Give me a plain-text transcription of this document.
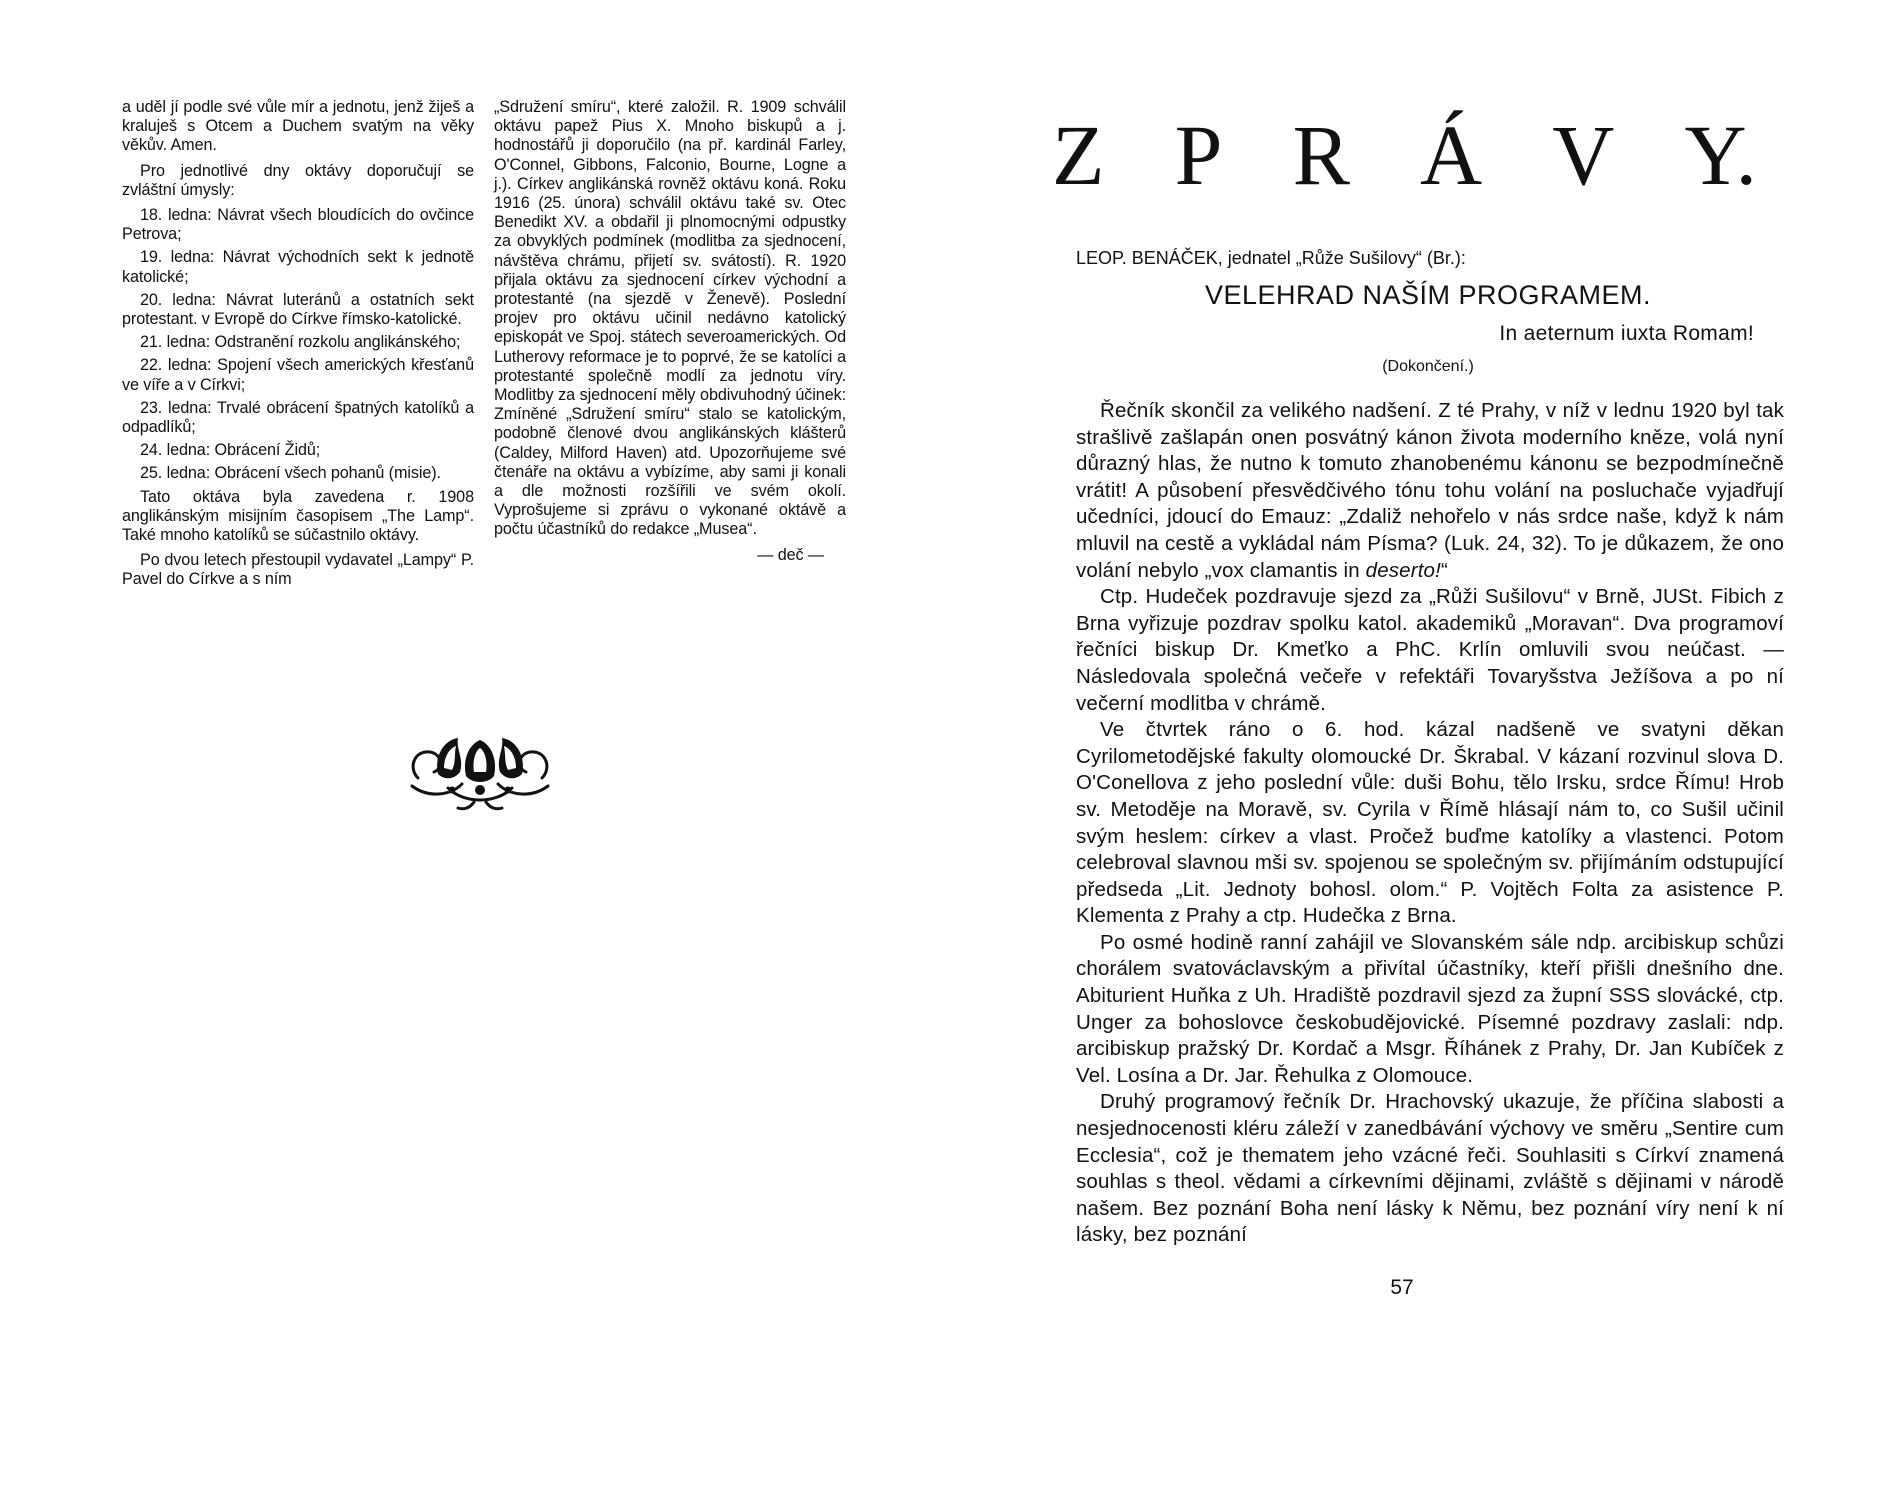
a uděl jí podle své vůle mír a jednotu, jenž žiješ a kraluješ s Otcem a Duchem svatým na věky věkův. Amen.

Pro jednotlivé dny oktávy doporučují se zvláštní úmysly:

18. ledna: Návrat všech bloudících do ovčince Petrova;

19. ledna: Návrat východních sekt k jednotě katolické;

20. ledna: Návrat luteránů a ostatních sekt protestant. v Evropě do Církve římsko-katolické.

21. ledna: Odstranění rozkolu anglikánského;

22. ledna: Spojení všech amerických křesťanů ve víře a v Církvi;

23. ledna: Trvalé obrácení špatných katolíků a odpadlíků;

24. ledna: Obrácení Židů;

25. ledna: Obrácení všech pohanů (misie).

Tato oktáva byla zavedena r. 1908 anglikánským misijním časopisem „The Lamp“. Také mnoho katolíků se súčastnilo oktávy.

Po dvou letech přestoupil vydavatel „Lampy“ P. Pavel do Církve a s ním

„Sdružení smíru“, které založil. R. 1909 schválil oktávu papež Pius X. Mnoho biskupů a j. hodnostářů ji doporučilo (na př. kardinál Farley, O'Connel, Gibbons, Falconio, Bourne, Logne a j.). Církev anglikánská rovněž oktávu koná. Roku 1916 (25. února) schválil oktávu také sv. Otec Benedikt XV. a obdařil ji plnomocnými odpustky za obvyklých podmínek (modlitba za sjednocení, návštěva chrámu, přijetí sv. svátostí). R. 1920 přijala oktávu za sjednocení církev východní a protestanté (na sjezdě v Ženevě). Poslední projev pro oktávu učinil nedávno katolický episkopát ve Spoj. státech severoamerických. Od Lutherovy reformace je to poprvé, že se katolíci a protestanté společně modlí za jednotu víry. Modlitby za sjednocení měly obdivuhodný účinek: Zmíněné „Sdružení smíru“ stalo se katolickým, podobně členové dvou anglikánských klášterů (Caldey, Milford Haven) atd. Upozorňujeme své čtenáře na oktávu a vybízíme, aby sami ji konali a dle možnosti rozšířili ve svém okolí. Vyprošujeme si zprávu o vykonané oktávě a počtu účastníků do redakce „Musea“.

— deč —

Z P R Á V Y.
LEOP. BENÁČEK, jednatel „Růže Sušilovy“ (Br.):
VELEHRAD NAŠÍM PROGRAMEM.
In aeternum iuxta Romam!
(Dokončení.)

Řečník skončil za velikého nadšení. Z té Prahy, v níž v lednu 1920 byl tak strašlivě zašlapán onen posvátný kánon života moderního kněze, volá nyní důrazný hlas, že nutno k tomuto zhanobenému kánonu se bezpodmínečně vrátit! A působení přesvědčivého tónu tohu volání na posluchače vyjadřují učedníci, jdoucí do Emauz: „Zdaliž nehořelo v nás srdce naše, když k nám mluvil na cestě a vykládal nám Písma? (Luk. 24, 32). To je důkazem, že ono volání nebylo „vox clamantis in deserto!“

Ctp. Hudeček pozdravuje sjezd za „Růži Sušilovu“ v Brně, JUSt. Fibich z Brna vyřizuje pozdrav spolku katol. akademiků „Moravan“. Dva programoví řečníci biskup Dr. Kmeťko a PhC. Krlín omluvili svou neúčast. — Následovala společná večeře v refektáři Tovaryšstva Ježíšova a po ní večerní modlitba v chrámě.

Ve čtvrtek ráno o 6. hod. kázal nadšeně ve svatyni děkan Cyrilometodějské fakulty olomoucké Dr. Škrabal. V kázaní rozvinul slova D. O'Conellova z jeho poslední vůle: duši Bohu, tělo Irsku, srdce Římu! Hrob sv. Metoděje na Moravě, sv. Cyrila v Římě hlásají nám to, co Sušil učinil svým heslem: církev a vlast. Pročež buďme katolíky a vlastenci. Potom celebroval slavnou mši sv. spojenou se společným sv. přijímáním odstupující předseda „Lit. Jednoty bohosl. olom.“ P. Vojtěch Folta za asistence P. Klementa z Prahy a ctp. Hudečka z Brna.

Po osmé hodině ranní zahájil ve Slovanském sále ndp. arcibiskup schůzi chorálem svatováclavským a přivítal účastníky, kteří přišli dnešního dne. Abiturient Huňka z Uh. Hradiště pozdravil sjezd za župní SSS slovácké, ctp. Unger za bohoslovce českobudějovické. Písemné pozdravy zaslali: ndp. arcibiskup pražský Dr. Kordač a Msgr. Říhánek z Prahy, Dr. Jan Kubíček z Vel. Losína a Dr. Jar. Řehulka z Olomouce.

Druhý programový řečník Dr. Hrachovský ukazuje, že příčina slabosti a nesjednocenosti kléru záleží v zanedbávání výchovy ve směru „Sentire cum Ecclesia“, což je thematem jeho vzácné řeči. Souhlasiti s Církví znamená souhlas s theol. vědami a církevními dějinami, zvláště s dějinami v národě našem. Bez poznání Boha není lásky k Němu, bez poznání víry není k ní lásky, bez poznání

57
